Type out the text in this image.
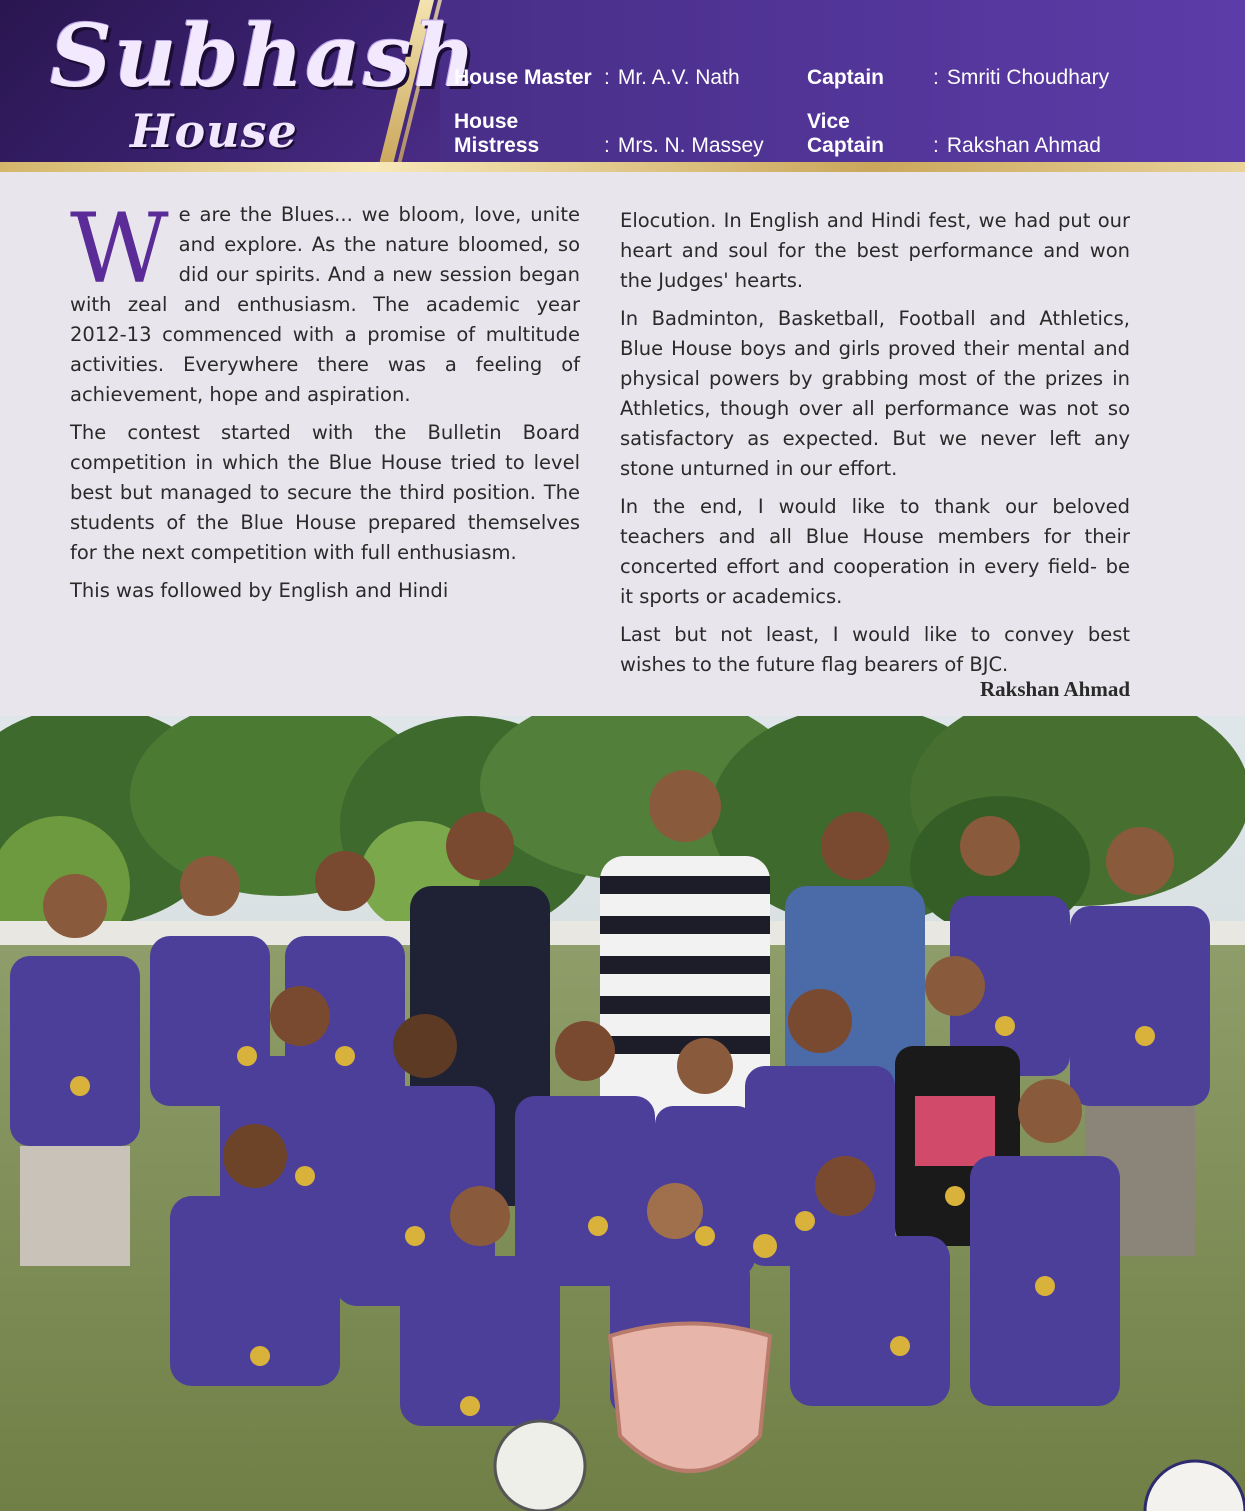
Subhash
House
House Master : Mr. A.V. Nath
House Mistress	: Mrs. N. Massey
Captain : Smriti Choudhary
Vice Captain : Rakshan Ahmad

We are the Blues... we bloom, love, unite and explore. As the nature bloomed, so did our spirits. And a new session began with zeal and enthusiasm. The academic year 2012-13 commenced with a promise of multitude activities. Everywhere there was a feeling of achievement, hope and aspiration.

The contest started with the Bulletin Board competition in which the Blue House tried to level best but managed to secure the third position. The students of the Blue House prepared themselves for the next competition with full enthusiasm.

This was followed by English and Hindi

Elocution. In English and Hindi fest, we had put our heart and soul for the best performance and won the Judges' hearts.

In Badminton, Basketball, Football and Athletics, Blue House boys and girls proved their mental and physical powers by grabbing most of the prizes in Athletics, though over all performance was not so satisfactory as expected. But we never left any stone unturned in our effort.

In the end, I would like to thank our beloved teachers and all Blue House members for their concerted effort and cooperation in every field- be it sports or academics.

Last but not least, I would like to convey best wishes to the future flag bearers of BJC.

Rakshan Ahmad
